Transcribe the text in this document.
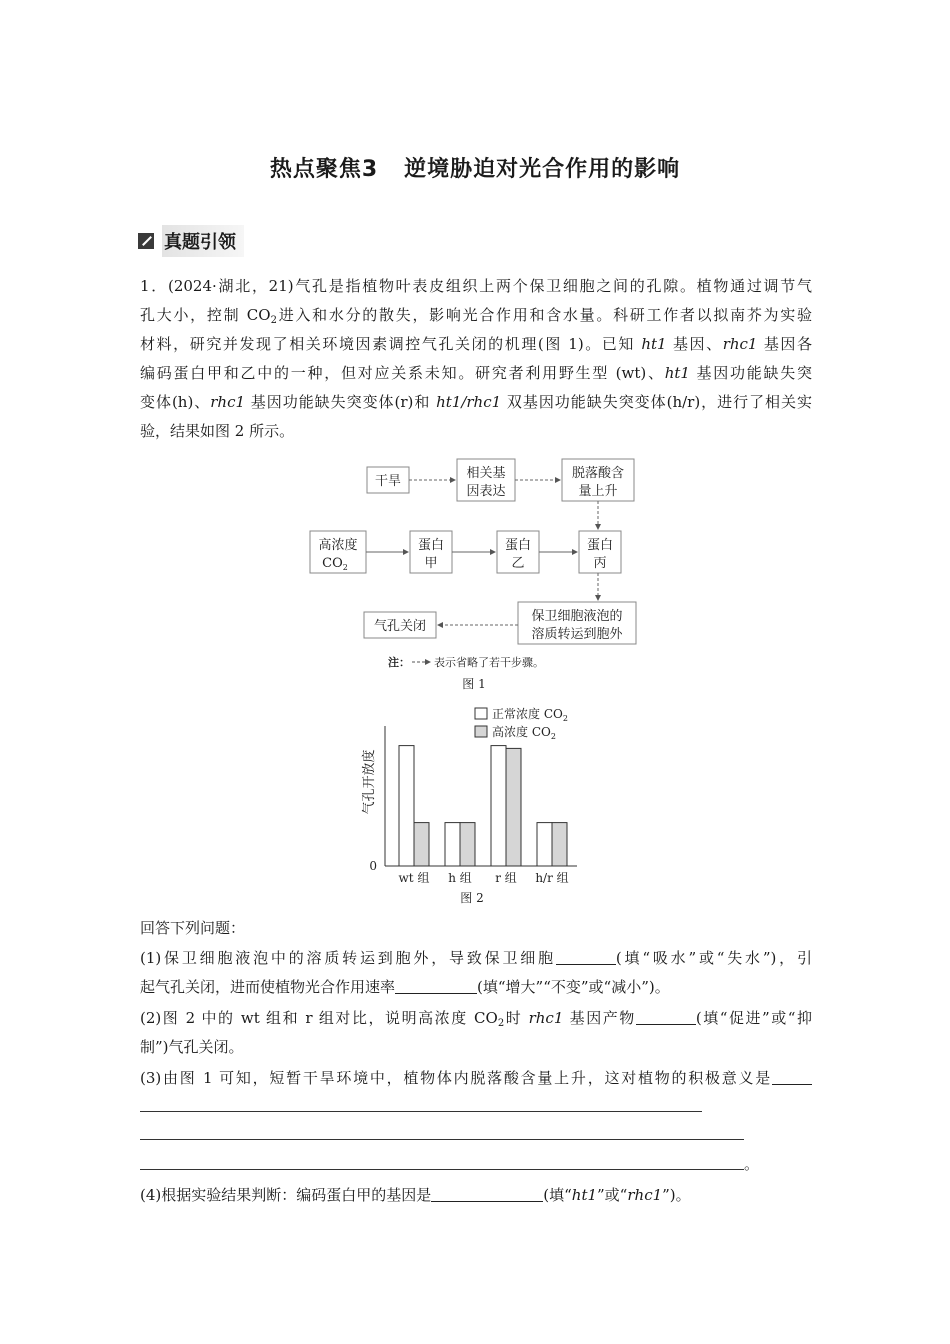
热点聚焦3 逆境胁迫对光合作用的影响
真题引领

1．(2024·湖北，21)气孔是指植物叶表皮组织上两个保卫细胞之间的孔隙。植物通过调节气

孔大小，控制 $CO_2$进入和水分的散失，影响光合作用和含水量。科研工作者以拟南芥为实验

材料，研究并发现了相关环境因素调控气孔关闭的机理(图 1)。已知 ht1 基因、rhc1 基因各

编码蛋白甲和乙中的一种，但对应关系未知。研究者利用野生型 (wt)、ht1 基因功能缺失突

变体(h)、rhc1 基因功能缺失突变体(r)和 ht1/rhc1 双基因功能缺失突变体(h/r)，进行了相关实

验，结果如图 2 所示。

干旱
相关基
因表达
脱落酸含
量上升
高浓度
$CO_2$
蛋白
甲
蛋白
乙
蛋白
丙
保卫细胞液泡的
溶质转运到胞外
气孔关闭
注： 表示省略了若干步骤。
图 1
0
气孔开放度
正常浓度 $CO_2$
高浓度 $CO_2$
wt 组 h 组 r 组 h/r 组
图 2

回答下列问题：

(1)保卫细胞液泡中的溶质转运到胞外，导致保卫细胞	(填“吸水”或“失水”)，引

起气孔关闭，进而使植物光合作用速率	(填“增大”“不变”或“减小”)。

(2)图 2 中的 wt 组和 r 组对比，说明高浓度 $CO_2$时 rhc1 基因产物	(填“促进”或“抑

制”)气孔关闭。

(3)由图 1 可知，短暂干旱环境中，植物体内脱落酸含量上升，这对植物的积极意义是

。
(4)根据实验结果判断：编码蛋白甲的基因是	(填“ht1”或“rhc1”)。
